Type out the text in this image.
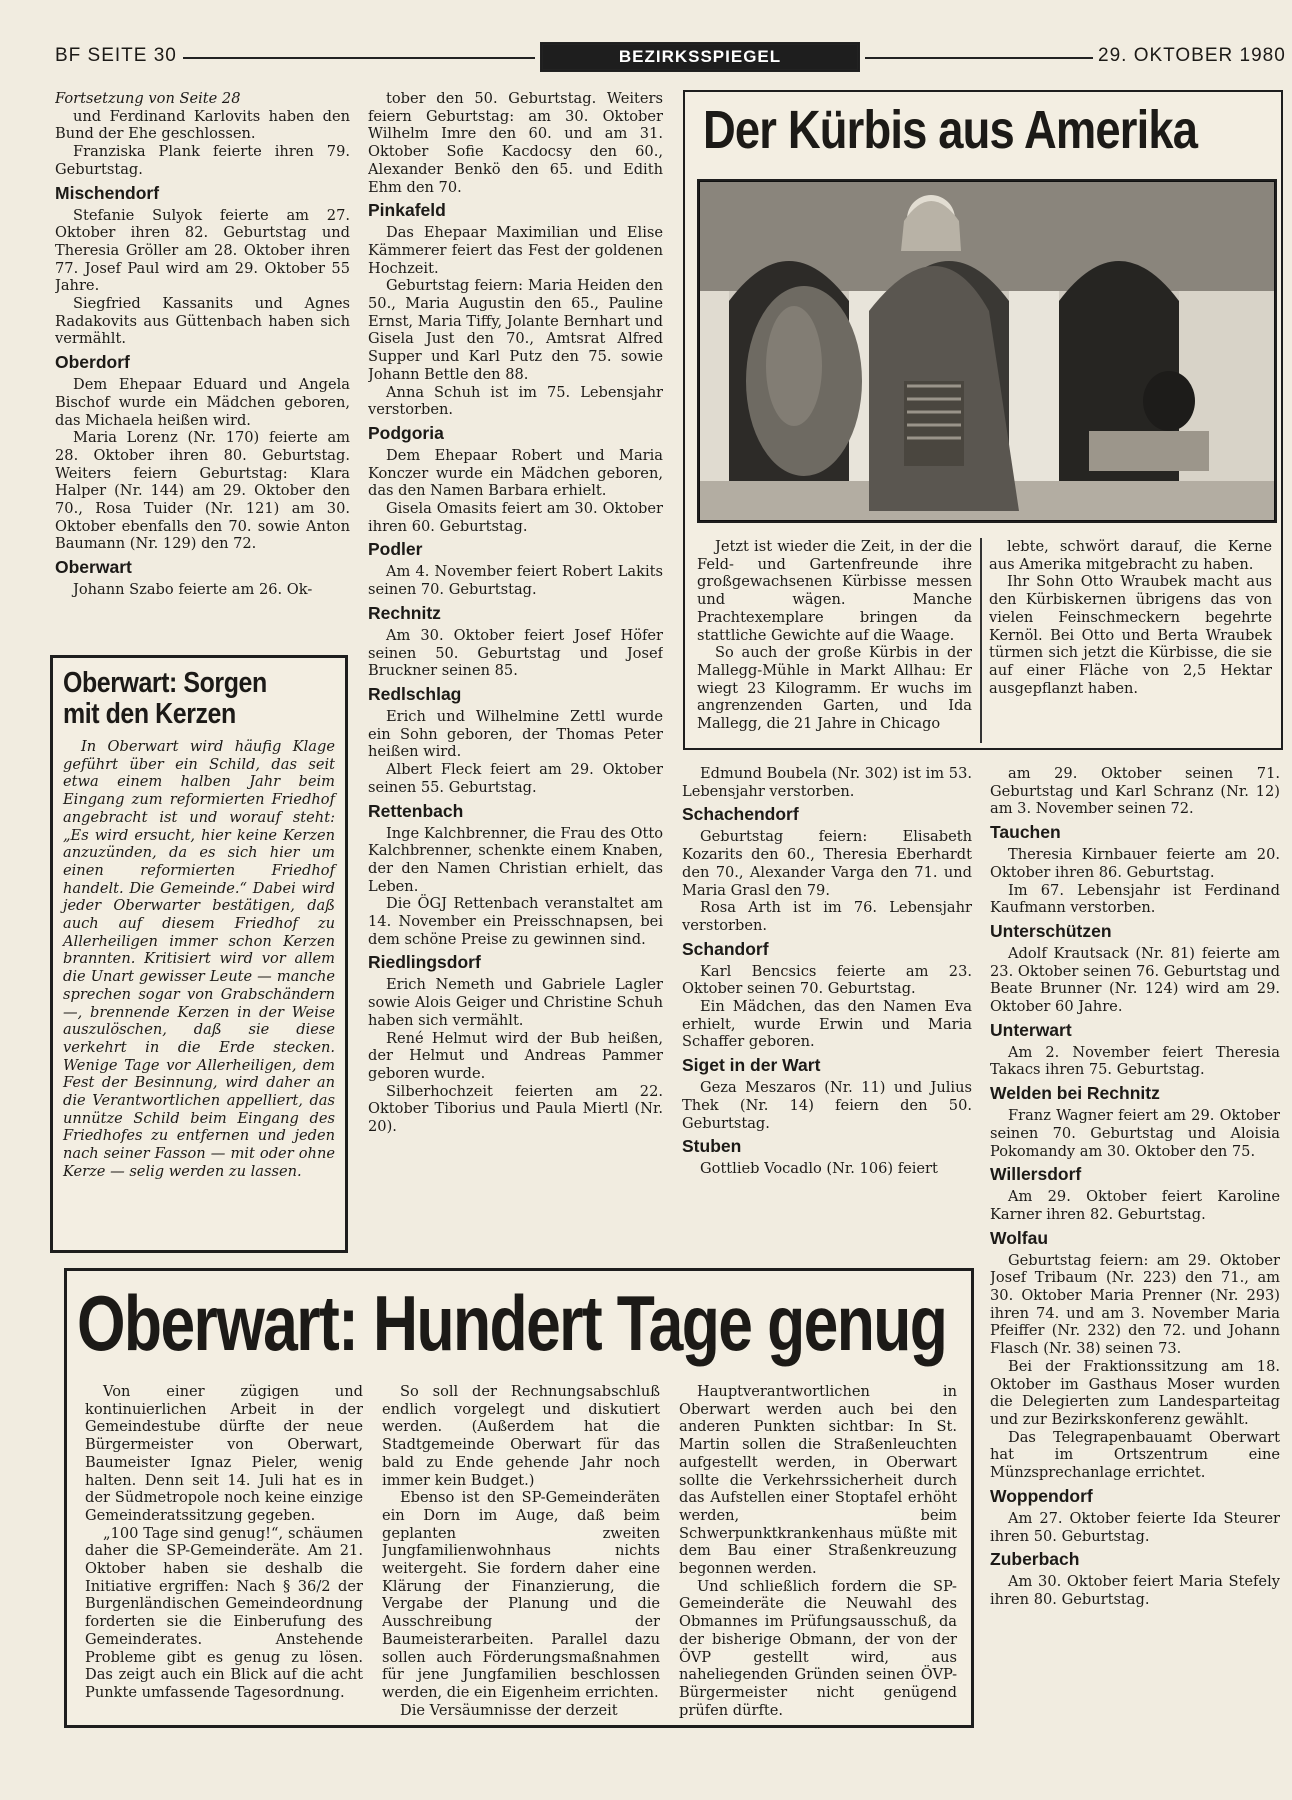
BF SEITE 30	BEZIRKSSPIEGEL	29. OKTOBER 1980

Fortsetzung von Seite 28

und Ferdinand Karlovits haben den Bund der Ehe geschlossen.

Franziska Plank feierte ihren 79. Geburtstag.

Mischendorf

Stefanie Sulyok feierte am 27. Oktober ihren 82. Geburtstag und Theresia Gröller am 28. Oktober ihren 77. Josef Paul wird am 29. Oktober 55 Jahre.

Siegfried Kassanits und Agnes Radakovits aus Güttenbach haben sich vermählt.

Oberdorf

Dem Ehepaar Eduard und Angela Bischof wurde ein Mädchen geboren, das Michaela heißen wird.

Maria Lorenz (Nr. 170) feierte am 28. Oktober ihren 80. Geburtstag. Weiters feiern Geburtstag: Klara Halper (Nr. 144) am 29. Oktober den 70., Rosa Tuider (Nr. 121) am 30. Oktober ebenfalls den 70. sowie Anton Baumann (Nr. 129) den 72.

Oberwart

Johann Szabo feierte am 26. Ok-

Oberwart: Sorgen
mit den Kerzen

In Oberwart wird häufig Klage geführt über ein Schild, das seit etwa einem halben Jahr beim Eingang zum reformierten Friedhof angebracht ist und worauf steht: „Es wird ersucht, hier keine Kerzen anzuzünden, da es sich hier um einen reformierten Friedhof handelt. Die Gemeinde.“ Dabei wird jeder Oberwarter bestätigen, daß auch auf diesem Friedhof zu Allerheiligen immer schon Kerzen brannten. Kritisiert wird vor allem die Unart gewisser Leute — manche sprechen sogar von Grabschändern —, brennende Kerzen in der Weise auszulöschen, daß sie diese verkehrt in die Erde stecken. Wenige Tage vor Allerheiligen, dem Fest der Besinnung, wird daher an die Verantwortlichen appelliert, das unnütze Schild beim Eingang des Friedhofes zu entfernen und jeden nach seiner Fasson — mit oder ohne Kerze — selig werden zu lassen.

tober den 50. Geburtstag. Weiters feiern Geburtstag: am 30. Oktober Wilhelm Imre den 60. und am 31. Oktober Sofie Kacdocsy den 60., Alexander Benkö den 65. und Edith Ehm den 70.

Pinkafeld

Das Ehepaar Maximilian und Elise Kämmerer feiert das Fest der goldenen Hochzeit.

Geburtstag feiern: Maria Heiden den 50., Maria Augustin den 65., Pauline Ernst, Maria Tiffy, Jolante Bernhart und Gisela Just den 70., Amtsrat Alfred Supper und Karl Putz den 75. sowie Johann Bettle den 88.

Anna Schuh ist im 75. Lebensjahr verstorben.

Podgoria

Dem Ehepaar Robert und Maria Konczer wurde ein Mädchen geboren, das den Namen Barbara erhielt.

Gisela Omasits feiert am 30. Oktober ihren 60. Geburtstag.

Podler

Am 4. November feiert Robert Lakits seinen 70. Geburtstag.

Rechnitz

Am 30. Oktober feiert Josef Höfer seinen 50. Geburtstag und Josef Bruckner seinen 85.

Redlschlag

Erich und Wilhelmine Zettl wurde ein Sohn geboren, der Thomas Peter heißen wird.

Albert Fleck feiert am 29. Oktober seinen 55. Geburtstag.

Rettenbach

Inge Kalchbrenner, die Frau des Otto Kalchbrenner, schenkte einem Knaben, der den Namen Christian erhielt, das Leben.

Die ÖGJ Rettenbach veranstaltet am 14. November ein Preisschnapsen, bei dem schöne Preise zu gewinnen sind.

Riedlingsdorf

Erich Nemeth und Gabriele Lagler sowie Alois Geiger und Christine Schuh haben sich vermählt.

René Helmut wird der Bub heißen, der Helmut und Andreas Pammer geboren wurde.

Silberhochzeit feierten am 22. Oktober Tiborius und Paula Miertl (Nr. 20).

Der Kürbis aus Amerika

Jetzt ist wieder die Zeit, in der die Feld- und Gartenfreunde ihre großgewachsenen Kürbisse messen und wägen. Manche Prachtexemplare bringen da stattliche Gewichte auf die Waage.

So auch der große Kürbis in der Mallegg-Mühle in Markt Allhau: Er wiegt 23 Kilogramm. Er wuchs im angrenzenden Garten, und Ida Mallegg, die 21 Jahre in Chicago

lebte, schwört darauf, die Kerne aus Amerika mitgebracht zu haben.

Ihr Sohn Otto Wraubek macht aus den Kürbiskernen übrigens das von vielen Feinschmeckern begehrte Kernöl. Bei Otto und Berta Wraubek türmen sich jetzt die Kürbisse, die sie auf einer Fläche von 2,5 Hektar ausgepflanzt haben.

Edmund Boubela (Nr. 302) ist im 53. Lebensjahr verstorben.

Schachendorf

Geburtstag feiern: Elisabeth Kozarits den 60., Theresia Eberhardt den 70., Alexander Varga den 71. und Maria Grasl den 79.

Rosa Arth ist im 76. Lebensjahr verstorben.

Schandorf

Karl Bencsics feierte am 23. Oktober seinen 70. Geburtstag.

Ein Mädchen, das den Namen Eva erhielt, wurde Erwin und Maria Schaffer geboren.

Siget in der Wart

Geza Meszaros (Nr. 11) und Julius Thek (Nr. 14) feiern den 50. Geburtstag.

Stuben

Gottlieb Vocadlo (Nr. 106) feiert

am 29. Oktober seinen 71. Geburtstag und Karl Schranz (Nr. 12) am 3. November seinen 72.

Tauchen

Theresia Kirnbauer feierte am 20. Oktober ihren 86. Geburtstag.

Im 67. Lebensjahr ist Ferdinand Kaufmann verstorben.

Unterschützen

Adolf Krautsack (Nr. 81) feierte am 23. Oktober seinen 76. Geburtstag und Beate Brunner (Nr. 124) wird am 29. Oktober 60 Jahre.

Unterwart

Am 2. November feiert Theresia Takacs ihren 75. Geburtstag.

Welden bei Rechnitz

Franz Wagner feiert am 29. Oktober seinen 70. Geburtstag und Aloisia Pokomandy am 30. Oktober den 75.

Willersdorf

Am 29. Oktober feiert Karoline Karner ihren 82. Geburtstag.

Wolfau

Geburtstag feiern: am 29. Oktober Josef Tribaum (Nr. 223) den 71., am 30. Oktober Maria Prenner (Nr. 293) ihren 74. und am 3. November Maria Pfeiffer (Nr. 232) den 72. und Johann Flasch (Nr. 38) seinen 73.

Bei der Fraktionssitzung am 18. Oktober im Gasthaus Moser wurden die Delegierten zum Landesparteitag und zur Bezirkskonferenz gewählt.

Das Telegrapenbauamt Oberwart hat im Ortszentrum eine Münzsprechanlage errichtet.

Woppendorf

Am 27. Oktober feierte Ida Steurer ihren 50. Geburtstag.

Zuberbach

Am 30. Oktober feiert Maria Stefely ihren 80. Geburtstag.

Oberwart: Hundert Tage genug

Von einer zügigen und kontinuierlichen Arbeit in der Gemeindestube dürfte der neue Bürgermeister von Oberwart, Baumeister Ignaz Pieler, wenig halten. Denn seit 14. Juli hat es in der Südmetropole noch keine einzige Gemeinderatssitzung gegeben.

„100 Tage sind genug!“, schäumen daher die SP-Gemeinderäte. Am 21. Oktober haben sie deshalb die Initiative ergriffen: Nach § 36/2 der Burgenländischen Gemeindeordnung forderten sie die Einberufung des Gemeinderates. Anstehende Probleme gibt es genug zu lösen. Das zeigt auch ein Blick auf die acht Punkte umfassende Tagesordnung.

So soll der Rechnungsabschluß endlich vorgelegt und diskutiert werden. (Außerdem hat die Stadtgemeinde Oberwart für das bald zu Ende gehende Jahr noch immer kein Budget.)

Ebenso ist den SP-Gemeinderäten ein Dorn im Auge, daß beim geplanten zweiten Jungfamilienwohnhaus nichts weitergeht. Sie fordern daher eine Klärung der Finanzierung, die Vergabe der Planung und die Ausschreibung der Baumeisterarbeiten. Parallel dazu sollen auch Förderungsmaßnahmen für jene Jungfamilien beschlossen werden, die ein Eigenheim errichten.

Die Versäumnisse der derzeit

Hauptverantwortlichen in Oberwart werden auch bei den anderen Punkten sichtbar: In St. Martin sollen die Straßenleuchten aufgestellt werden, in Oberwart sollte die Verkehrssicherheit durch das Aufstellen einer Stoptafel erhöht werden, beim Schwerpunktkrankenhaus müßte mit dem Bau einer Straßenkreuzung begonnen werden.

Und schließlich fordern die SP-Gemeinderäte die Neuwahl des Obmannes im Prüfungsausschuß, da der bisherige Obmann, der von der ÖVP gestellt wird, aus naheliegenden Gründen seinen ÖVP-Bürgermeister nicht genügend prüfen dürfte.
